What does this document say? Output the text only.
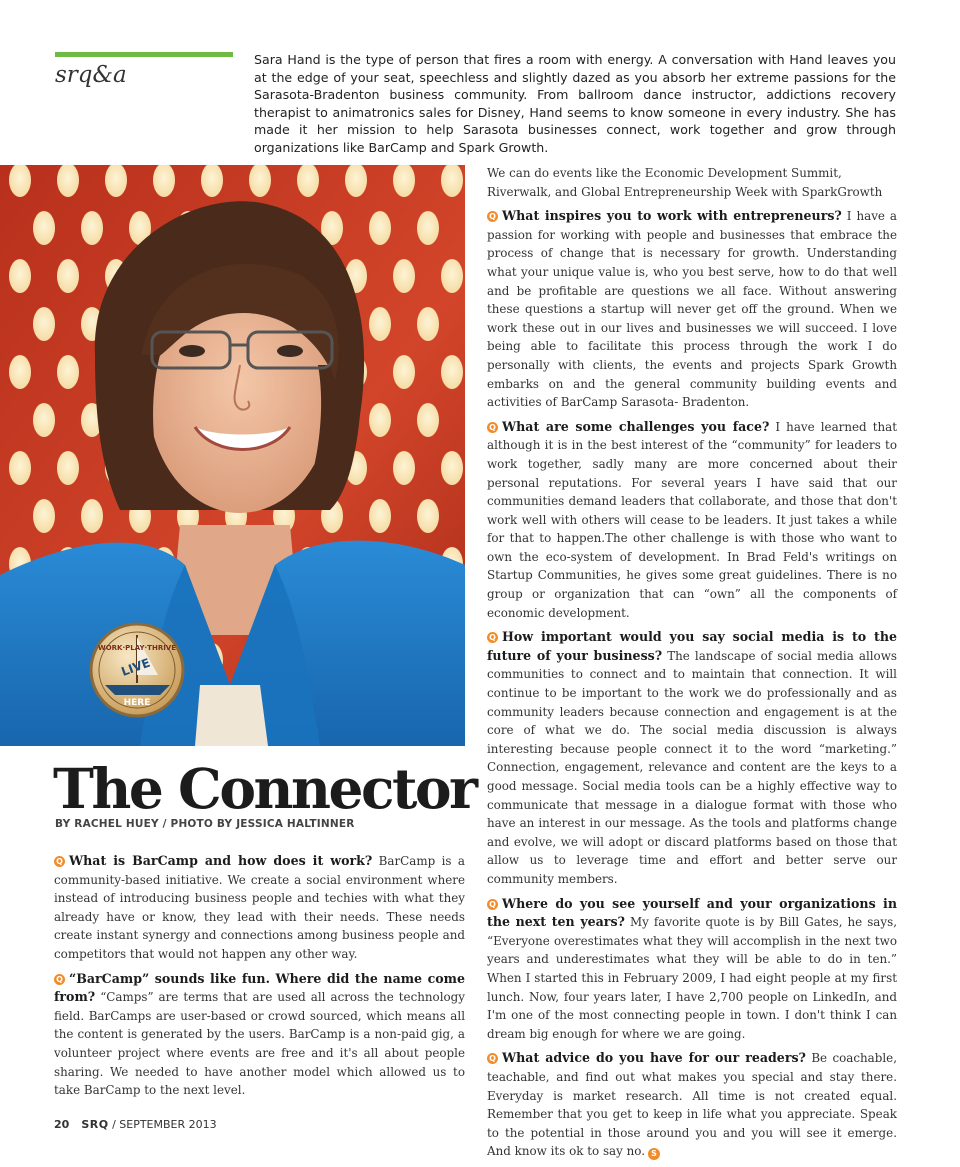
srq&a

Sara Hand is the type of person that fires a room with energy. A conversation with Hand leaves you at the edge of your seat, speechless and slightly dazed as you absorb her extreme passions for the Sarasota-Bradenton business community. From ballroom dance instructor, addictions recovery therapist to animatronics sales for Disney, Hand seems to know someone in every industry. She has made it her mission to help Sarasota businesses connect, work together and grow through organizations like BarCamp and Spark Growth.

WORK·PLAY·THRIVE
LIVE
HERE
The Connector
BY RACHEL HUEY / PHOTO BY JESSICA HALTINNER

Q What is BarCamp and how does it work? BarCamp is a community-based initiative. We create a social environment where instead of introducing business people and techies with what they already have or know, they lead with their needs. These needs create instant synergy and connections among business people and competitors that would not happen any other way.

Q “BarCamp” sounds like fun. Where did the name come from? “Camps” are terms that are used all across the technology field. BarCamps are user-based or crowd sourced, which means all the content is generated by the users. BarCamp is a non-paid gig, a volunteer project where events are free and it's all about people sharing. We needed to have another model which allowed us to take BarCamp to the next level.

We can do events like the Economic Development Summit, Riverwalk, and Global Entrepreneurship Week with SparkGrowth

Q What inspires you to work with entrepreneurs? I have a passion for working with people and businesses that embrace the process of change that is necessary for growth. Understanding what your unique value is, who you best serve, how to do that well and be profitable are questions we all face. Without answering these questions a startup will never get off the ground. When we work these out in our lives and businesses we will succeed. I love being able to facilitate this process through the work I do personally with clients, the events and projects Spark Growth embarks on and the general community building events and activities of BarCamp Sarasota- Bradenton.

Q What are some challenges you face? I have learned that although it is in the best interest of the “community” for leaders to work together, sadly many are more concerned about their personal reputations. For several years I have said that our communities demand leaders that collaborate, and those that don't work well with others will cease to be leaders. It just takes a while for that to happen.The other challenge is with those who want to own the eco-system of development. In Brad Feld's writings on Startup Communities, he gives some great guidelines. There is no group or organization that can “own” all the components of economic development.

Q How important would you say social media is to the future of your business? The landscape of social media allows communities to connect and to maintain that connection. It will continue to be important to the work we do professionally and as community leaders because connection and engagement is at the core of what we do. The social media discussion is always interesting because people connect it to the word “marketing.” Connection, engagement, relevance and content are the keys to a good message. Social media tools can be a highly effective way to communicate that message in a dialogue format with those who have an interest in our message. As the tools and platforms change and evolve, we will adopt or discard platforms based on those that allow us to leverage time and effort and better serve our community members.

Q Where do you see yourself and your organizations in the next ten years? My favorite quote is by Bill Gates, he says, “Everyone overestimates what they will accomplish in the next two years and underestimates what they will be able to do in ten.” When I started this in February 2009, I had eight people at my first lunch. Now, four years later, I have 2,700 people on LinkedIn, and I'm one of the most connecting people in town. I don't think I can dream big enough for where we are going.

Q What advice do you have for our readers? Be coachable, teachable, and find out what makes you special and stay there. Everyday is market research. All time is not created equal. Remember that you get to keep in life what you appreciate. Speak to the potential in those around you and you will see it emerge. And know its ok to say no. S

20 SRQ / SEPTEMBER 2013
